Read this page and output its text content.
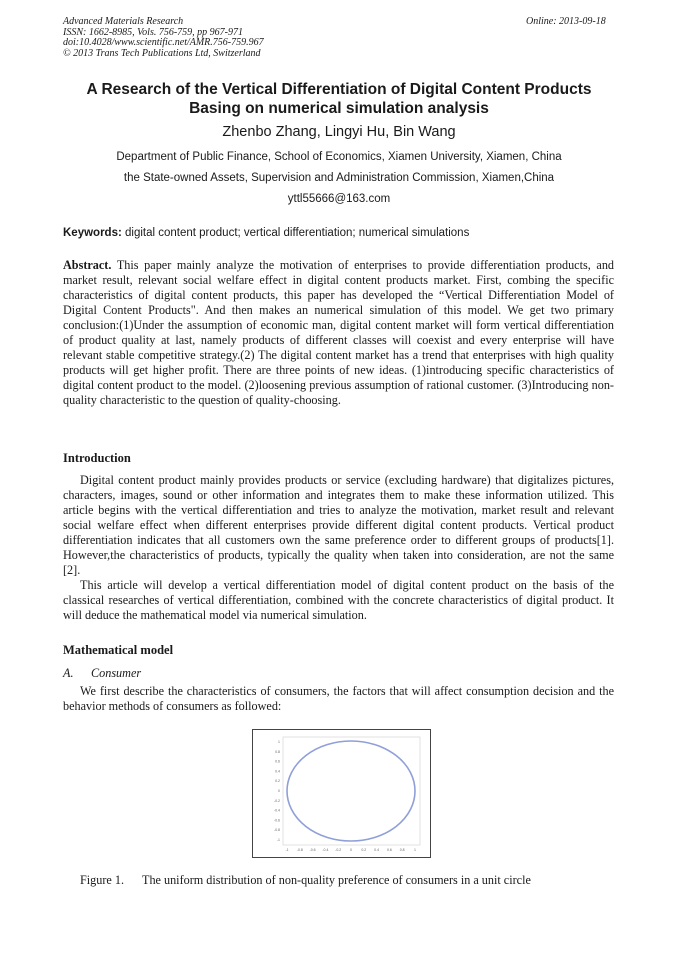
Advanced Materials Research
ISSN: 1662-8985, Vols. 756-759, pp 967-971
doi:10.4028/www.scientific.net/AMR.756-759.967
© 2013 Trans Tech Publications Ltd, Switzerland
Online: 2013-09-18
A Research of the Vertical Differentiation of Digital Content Products
Basing on numerical simulation analysis
Zhenbo Zhang, Lingyi Hu, Bin Wang
Department of Public Finance, School of Economics, Xiamen University, Xiamen, China
the State-owned Assets, Supervision and Administration Commission, Xiamen,China
yttl55666@163.com
Keywords: digital content product; vertical differentiation; numerical simulations

Abstract. This paper mainly analyze the motivation of enterprises to provide differentiation products, and market result, relevant social welfare effect in digital content products market. First, combing the specific characteristics of digital content products, this paper has developed the “Vertical Differentiation Model of Digital Content Products". And then makes an numerical simulation of this model. We get two primary conclusion:(1)Under the assumption of economic man, digital content market will form vertical differentiation of product quality at last, namely products of different classes will coexist and every enterprise will have relevant stable competitive strategy.(2) The digital content market has a trend that enterprises with high quality products will get higher profit. There are three points of new ideas. (1)introducing specific characteristics of digital content product to the model. (2)loosening previous assumption of rational customer. (3)Introducing non-quality characteristic to the question of quality-choosing.

Introduction

Digital content product mainly provides products or service (excluding hardware) that digitalizes pictures, characters, images, sound or other information and integrates them to make these information utilized. This article begins with the vertical differentiation and tries to analyze the motivation, market result and relevant social welfare effect when different enterprises provide different digital content products. Vertical product differentiation indicates that all customers own the same preference order to different groups of products[1]. However,the characteristics of products, typically the quality when taken into consideration, are not the same [2].

This article will develop a vertical differentiation model of digital content product on the basis of the classical researches of vertical differentiation, combined with the concrete characteristics of digital product. It will deduce the mathematical model via numerical simulation.

Mathematical model
A. Consumer

We first describe the characteristics of consumers, the factors that will affect consumption decision and the behavior methods of consumers as followed:

-1 -0.8 -0.6 -0.4 -0.2	0	0.2 0.4 0.6 0.8	1
1
0.8
0.6
0.4
0.2
0
-0.2
-0.4
-0.6
-0.8
-1
Figure 1. The uniform distribution of non-quality preference of consumers in a unit circle
